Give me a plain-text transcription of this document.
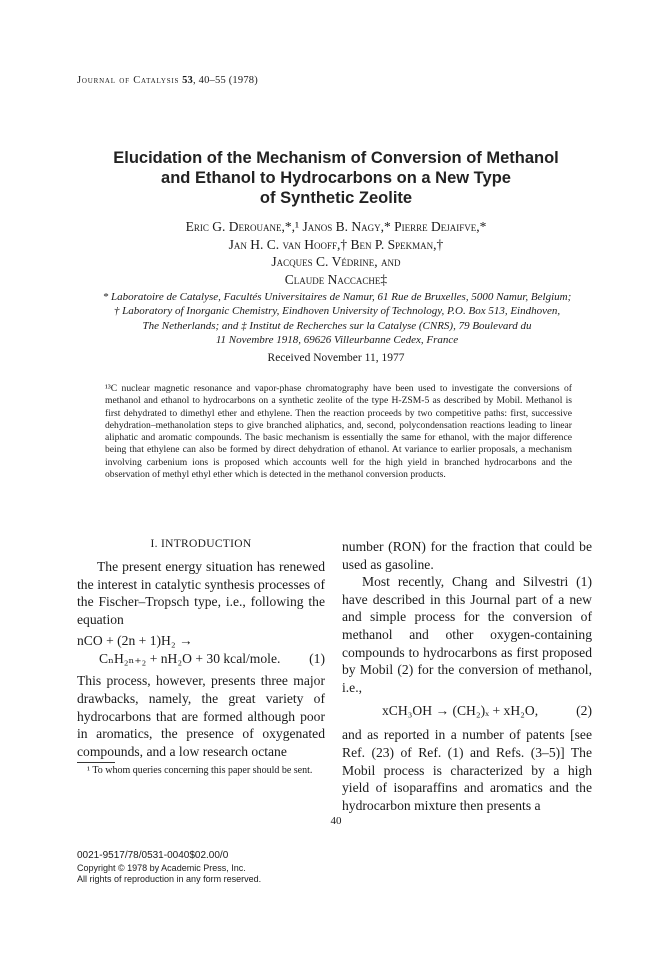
Journal of Catalysis 53, 40–55 (1978)
Elucidation of the Mechanism of Conversion of Methanol
and Ethanol to Hydrocarbons on a New Type
of Synthetic Zeolite
Eric G. Derouane,*,¹ Janos B. Nagy,* Pierre Dejaifve,*
Jan H. C. van Hooff,† Ben P. Spekman,†
Jacques C. Védrine, and
Claude Naccache‡
* Laboratoire de Catalyse, Facultés Universitaires de Namur, 61 Rue de Bruxelles, 5000 Namur, Belgium;
† Laboratory of Inorganic Chemistry, Eindhoven University of Technology, P.O. Box 513, Eindhoven,
The Netherlands; and ‡ Institut de Recherches sur la Catalyse (CNRS), 79 Boulevard du
11 Novembre 1918, 69626 Villeurbanne Cedex, France
Received November 11, 1977
¹³C nuclear magnetic resonance and vapor-phase chromatography have been used to investigate the conversions of methanol and ethanol to hydrocarbons on a synthetic zeolite of the type H-ZSM-5 as described by Mobil. Methanol is first dehydrated to dimethyl ether and ethylene. Then the reaction proceeds by two competitive paths: first, successive dehydration–methanolation steps to give branched aliphatics, and, second, polycondensation reactions leading to linear aliphatic and aromatic compounds. The basic mechanism is essentially the same for ethanol, with the major difference being that ethylene can also be formed by direct dehydration of ethanol. At variance to earlier proposals, a mechanism involving carbenium ions is proposed which accounts well for the high yield in branched hydrocarbons and the observation of methyl ethyl ether which is detected in the methanol conversion products.
I. INTRODUCTION

The present energy situation has renewed the interest in catalytic synthesis processes of the Fischer–Tropsch type, i.e., following the equation

nCO + (2n + 1)H₂ →
CₙH₂ₙ₊₂ + nH₂O + 30 kcal/mole. (1)

This process, however, presents three major drawbacks, namely, the great variety of hydrocarbons that are formed although poor in aromatics, the presence of oxygenated compounds, and a low research octane

¹ To whom queries concerning this paper should be sent.

number (RON) for the fraction that could be used as gasoline.

Most recently, Chang and Silvestri (1) have described in this Journal part of a new and simple process for the conversion of methanol and other oxygen-containing compounds to hydrocarbons as first proposed by Mobil (2) for the conversion of methanol, i.e.,

xCH₃OH → (CH₂)ₓ + xH₂O,	(2)

and as reported in a number of patents [see Ref. (23) of Ref. (1) and Refs. (3–5)] The Mobil process is characterized by a high yield of isoparaffins and aromatics and the hydrocarbon mixture then presents a

40
0021-9517/78/0531-0040$02.00/0
Copyright © 1978 by Academic Press, Inc.
All rights of reproduction in any form reserved.
